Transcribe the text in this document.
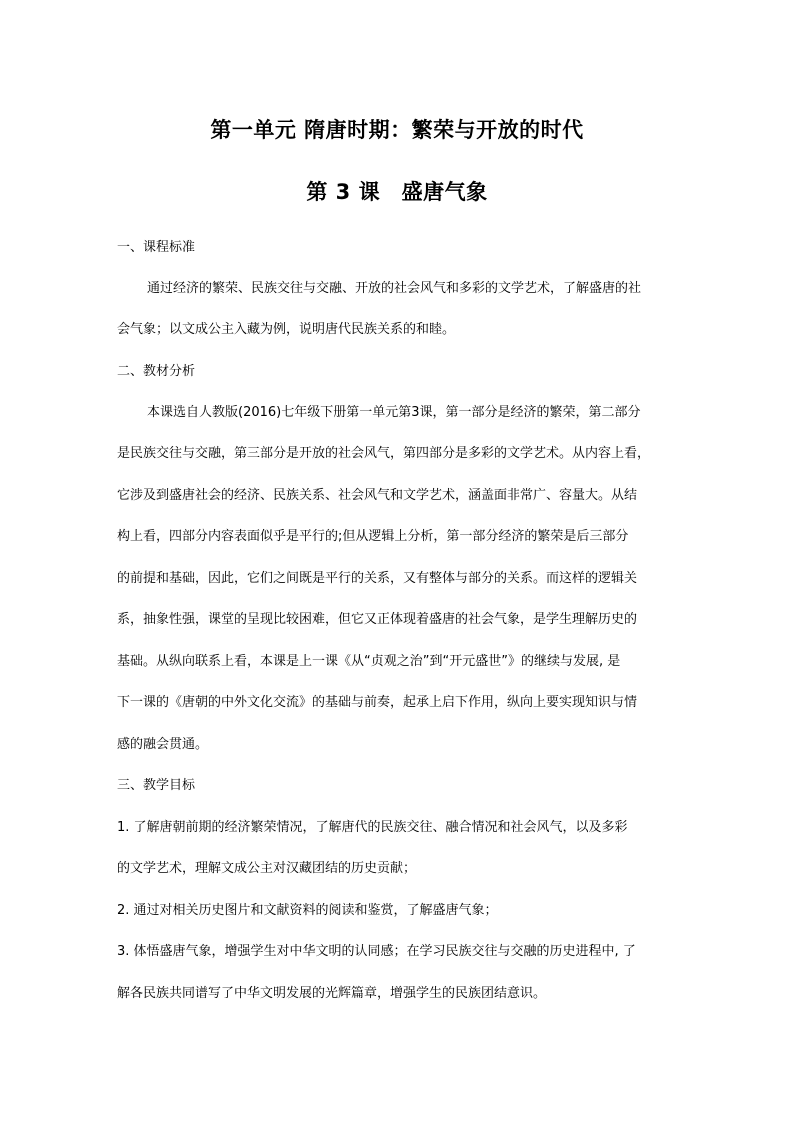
第一单元 隋唐时期：繁荣与开放的时代
第 3 课　盛唐气象
一、课程标准
通过经济的繁荣、民族交往与交融、开放的社会风气和多彩的文学艺术，了解盛唐的社
会气象；以文成公主入藏为例，说明唐代民族关系的和睦。
二、教材分析
本课选自人教版(2016)七年级下册第一单元第3课，第一部分是经济的繁荣，第二部分
是民族交往与交融，第三部分是开放的社会风气，第四部分是多彩的文学艺术。从内容上看，
它涉及到盛唐社会的经济、民族关系、社会风气和文学艺术，涵盖面非常广、容量大。从结
构上看，四部分内容表面似乎是平行的;但从逻辑上分析，第一部分经济的繁荣是后三部分
的前提和基础，因此，它们之间既是平行的关系，又有整体与部分的关系。而这样的逻辑关
系，抽象性强，课堂的呈现比较困难，但它又正体现着盛唐的社会气象，是学生理解历史的
基础。从纵向联系上看，本课是上一课《从“贞观之治”到“开元盛世”》的继续与发展, 是
下一课的《唐朝的中外文化交流》的基础与前奏，起承上启下作用，纵向上要实现知识与情
感的融会贯通。
三、教学目标
1. 了解唐朝前期的经济繁荣情况，了解唐代的民族交往、融合情况和社会风气，以及多彩
的文学艺术，理解文成公主对汉藏团结的历史贡献；
2. 通过对相关历史图片和文献资料的阅读和鉴赏，了解盛唐气象；
3. 体悟盛唐气象，增强学生对中华文明的认同感；在学习民族交往与交融的历史进程中, 了
解各民族共同谱写了中华文明发展的光辉篇章，增强学生的民族团结意识。
